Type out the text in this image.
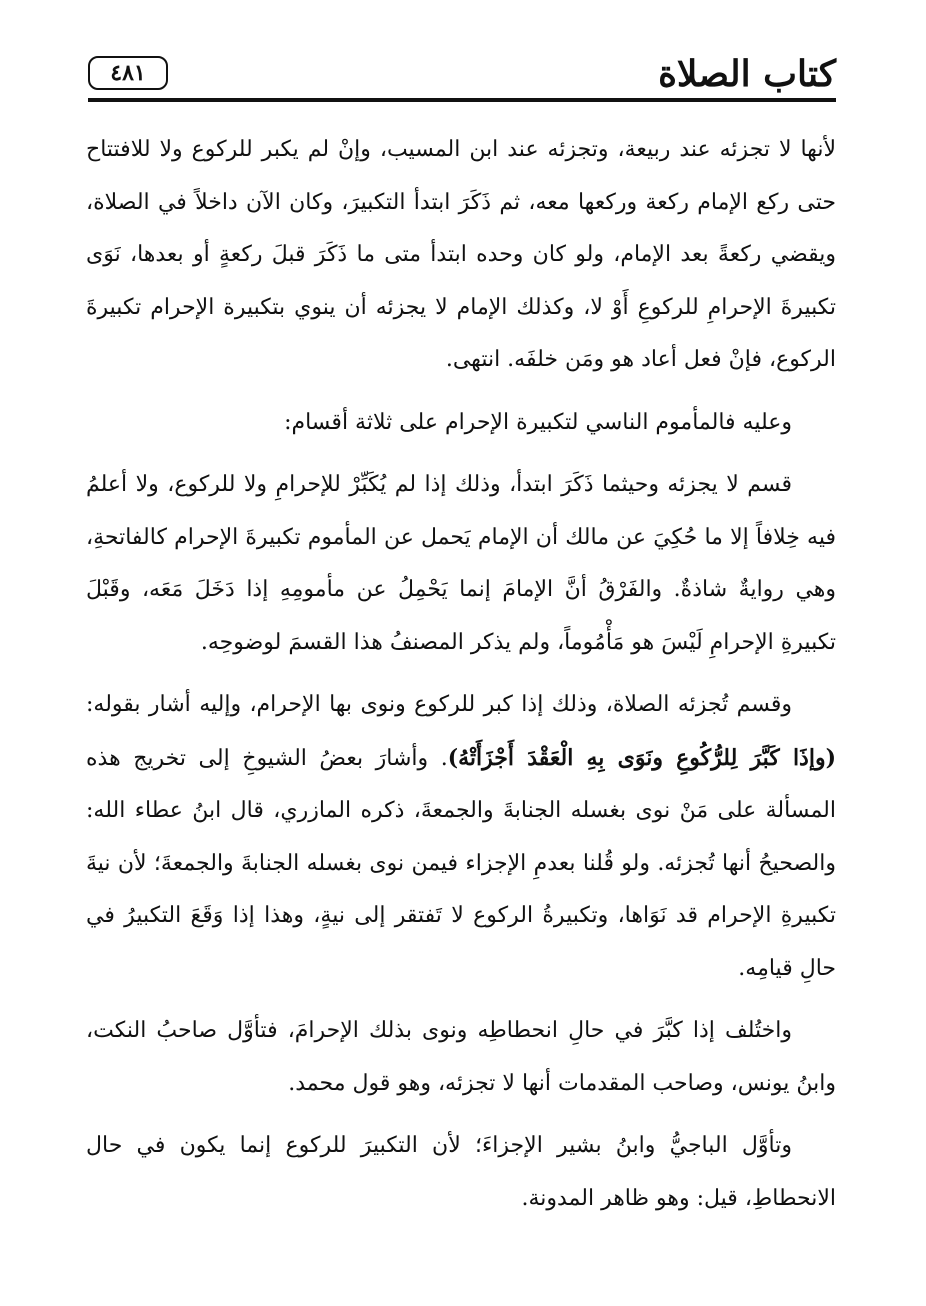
كتاب الصلاة
٤٨١

لأنها لا تجزئه عند ربيعة، وتجزئه عند ابن المسيب، وإنْ لم يكبر للركوع ولا للافتتاح حتى ركع الإمام ركعة وركعها معه، ثم ذَكَرَ ابتدأ التكبيرَ، وكان الآن داخلاً في الصلاة، ويقضي ركعةً بعد الإمام، ولو كان وحده ابتدأ متى ما ذَكَرَ قبلَ ركعةٍ أو بعدها، نَوَى تكبيرةَ الإحرامِ للركوعِ أَوْ لا، وكذلك الإمام لا يجزئه أن ينوي بتكبيرة الإحرام تكبيرةَ الركوع، فإنْ فعل أعاد هو ومَن خلفَه. انتهى.

وعليه فالمأموم الناسي لتكبيرة الإحرام على ثلاثة أقسام:

قسم لا يجزئه وحيثما ذَكَرَ ابتدأ، وذلك إذا لم يُكَبِّرْ للإحرامِ ولا للركوع، ولا أعلمُ فيه خِلافاً إلا ما حُكِيَ عن مالك أن الإمام يَحمل عن المأموم تكبيرةَ الإحرام كالفاتحةِ، وهي روايةٌ شاذةٌ. والفَرْقُ أنَّ الإمامَ إنما يَحْمِلُ عن مأمومِهِ إذا دَخَلَ مَعَه، وقَبْلَ تكبيرةِ الإحرامِ لَيْسَ هو مَأْمُوماً، ولم يذكر المصنفُ هذا القسمَ لوضوحِه.

وقسم تُجزئه الصلاة، وذلك إذا كبر للركوع ونوى بها الإحرام، وإليه أشار بقوله: (وإذَا كَبَّرَ لِلرُّكُوعِ ونَوَى بِهِ الْعَقْدَ أَجْزَأَتْهُ). وأشارَ بعضُ الشيوخِ إلى تخريج هذه المسألة على مَنْ نوى بغسله الجنابةَ والجمعةَ، ذكره المازري، قال ابنُ عطاء الله: والصحيحُ أنها تُجزئه. ولو قُلنا بعدمِ الإجزاء فيمن نوى بغسله الجنابةَ والجمعةَ؛ لأن نيةَ تكبيرةِ الإحرام قد نَوَاها، وتكبيرةُ الركوع لا تَفتقر إلى نيةٍ، وهذا إذا وَقَعَ التكبيرُ في حالِ قيامِه.

واختُلف إذا كبَّرَ في حالِ انحطاطِه ونوى بذلك الإحرامَ، فتأوَّل صاحبُ النكت، وابنُ يونس، وصاحب المقدمات أنها لا تجزئه، وهو قول محمد.

وتأوَّل الباجيُّ وابنُ بشير الإجزاءَ؛ لأن التكبيرَ للركوع إنما يكون في حال الانحطاطِ، قيل: وهو ظاهر المدونة.
